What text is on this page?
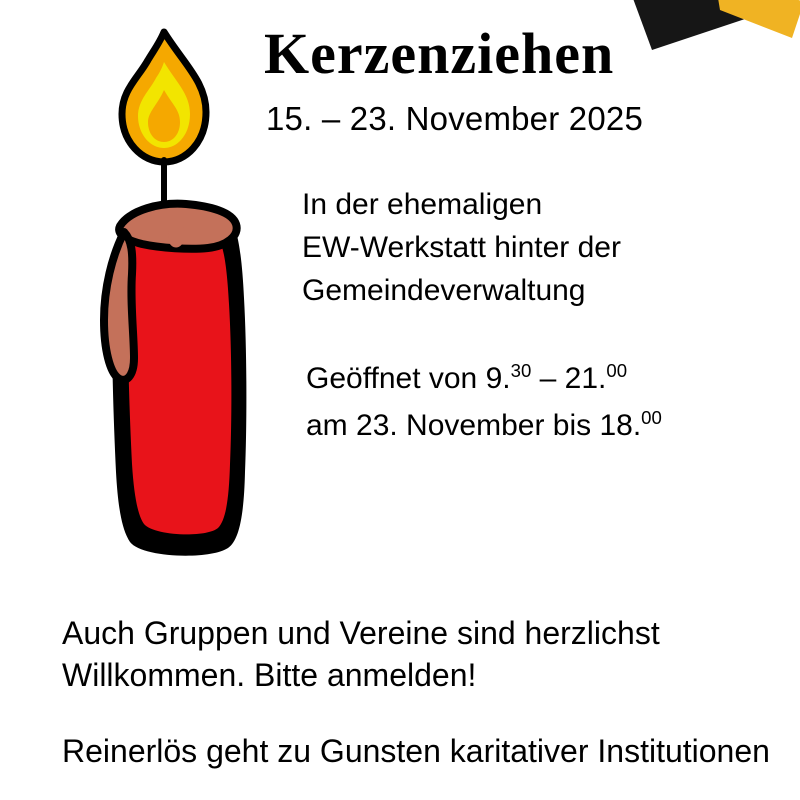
Kerzenziehen
15. – 23. November 2025
In der ehemaligen
EW-Werkstatt hinter der
Gemeindeverwaltung
Geöffnet von 9.30 – 21.00
am 23. November bis 18.00

Auch Gruppen und Vereine sind herzlichst Willkommen. Bitte anmelden!

Reinerlös geht zu Gunsten karitativer Institutionen
